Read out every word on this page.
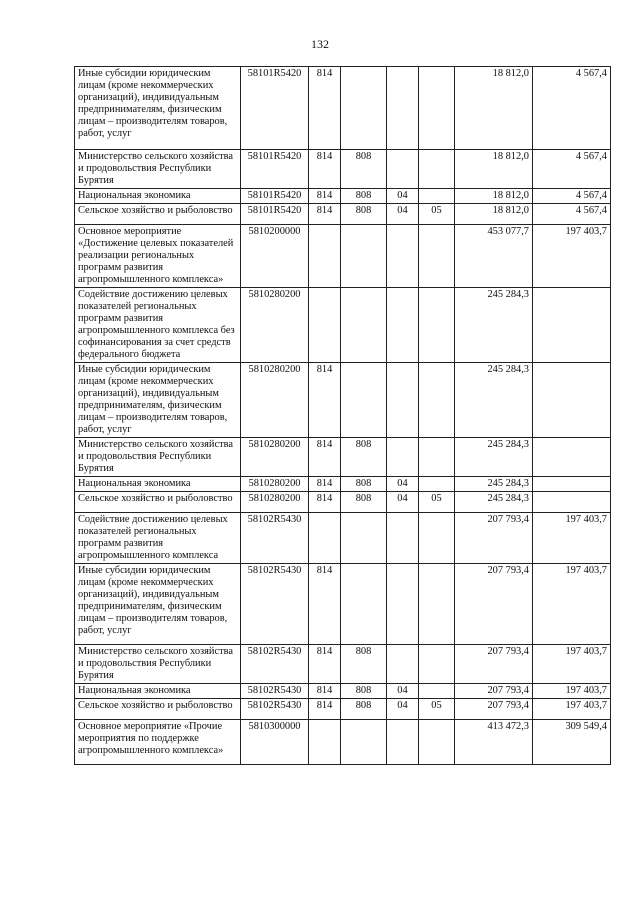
132
Иные субсидии юридическим лицам (кроме некоммерческих организаций), индивидуальным предпринимателям, физическим лицам – производителям товаров, работ, услуг	58101R5420	814				18 812,0	4 567,4
Министерство сельского хозяйства и продовольствия Республики Бурятия	58101R5420	814	808			18 812,0	4 567,4
Национальная экономика	58101R5420	814	808	04		18 812,0	4 567,4
Сельское хозяйство и рыболовство	58101R5420	814	808	04	05	18 812,0	4 567,4
Основное мероприятие «Достижение целевых показателей реализации региональных программ развития агропромышленного комплекса»	5810200000					453 077,7	197 403,7
Содействие достижению целевых показателей региональных программ развития агропромышленного комплекса без софинансирования за счет средств федерального бюджета	5810280200					245 284,3	
Иные субсидии юридическим лицам (кроме некоммерческих организаций), индивидуальным предпринимателям, физическим лицам – производителям товаров, работ, услуг	5810280200	814				245 284,3	
Министерство сельского хозяйства и продовольствия Республики Бурятия	5810280200	814	808			245 284,3	
Национальная экономика	5810280200	814	808	04		245 284,3	
Сельское хозяйство и рыболовство	5810280200	814	808	04	05	245 284,3	
Содействие достижению целевых показателей региональных программ развития агропромышленного комплекса	58102R5430					207 793,4	197 403,7
Иные субсидии юридическим лицам (кроме некоммерческих организаций), индивидуальным предпринимателям, физическим лицам – производителям товаров, работ, услуг	58102R5430	814				207 793,4	197 403,7
Министерство сельского хозяйства и продовольствия Республики Бурятия	58102R5430	814	808			207 793,4	197 403,7
Национальная экономика	58102R5430	814	808	04		207 793,4	197 403,7
Сельское хозяйство и рыболовство	58102R5430	814	808	04	05	207 793,4	197 403,7
Основное мероприятие «Прочие мероприятия по поддержке агропромышленного комплекса»	5810300000					413 472,3	309 549,4
